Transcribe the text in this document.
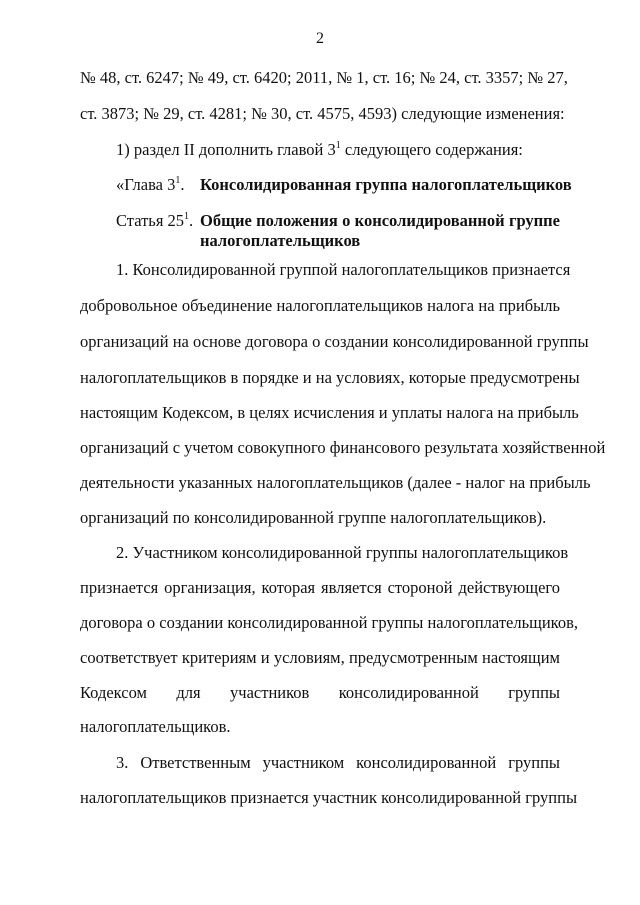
2
№ 48, ст. 6247; № 49, ст. 6420; 2011, № 1, ст. 16; № 24, ст. 3357; № 27,
ст. 3873; № 29, ст. 4281; № 30, ст. 4575, 4593) следующие изменения:
1) раздел II дополнить главой $3^1$ следующего содержания:
«Глава $3^1$. Консолидированная группа налогоплательщиков
Статья $25^1$. Общие положения о консолидированной группе
налогоплательщиков
1. Консолидированной группой налогоплательщиков признается
добровольное объединение налогоплательщиков налога на прибыль
организаций на основе договора о создании консолидированной группы
налогоплательщиков в порядке и на условиях, которые предусмотрены
настоящим Кодексом, в целях исчисления и уплаты налога на прибыль
организаций с учетом совокупного финансового результата хозяйственной
деятельности указанных налогоплательщиков (далее - налог на прибыль
организаций по консолидированной группе налогоплательщиков).
2. Участником консолидированной группы налогоплательщиков
признается организация, которая является стороной действующего
договора о создании консолидированной группы налогоплательщиков,
соответствует критериям и условиям, предусмотренным настоящим
Кодексом для участников консолидированной группы
налогоплательщиков.
3. Ответственным участником консолидированной группы
налогоплательщиков признается участник консолидированной группы
